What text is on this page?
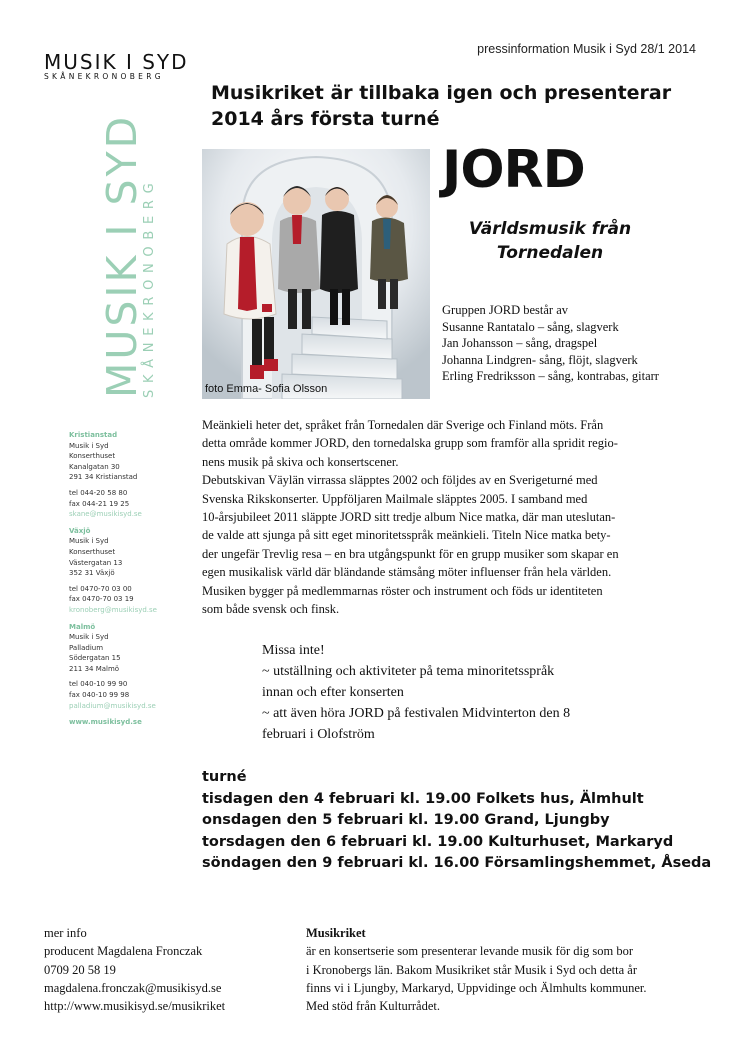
MUSIK I SYD
SKÅNEKRONOBERG
pressinformation Musik i Syd 28/1 2014
Musikriket är tillbaka igen och presenterar
2014 års första turné
MUSIK I SYD
SKÅNEKRONOBERG
Kristianstad
Musik i Syd
Konserthuset
Kanalgatan 30
291 34 Kristianstad
tel 044-20 58 80
fax 044-21 19 25
skane@musikisyd.se
Växjö
Musik i Syd
Konserthuset
Västergatan 13
352 31 Växjö
tel 0470-70 03 00
fax 0470-70 03 19
kronoberg@musikisyd.se
Malmö
Musik i Syd
Palladium
Södergatan 15
211 34 Malmö
tel 040-10 99 90
fax 040-10 99 98
palladium@musikisyd.se
www.musikisyd.se
foto Emma- Sofia Olsson
JORD
Världsmusik från
Tornedalen
Gruppen JORD består av
Susanne Rantatalo – sång, slagverk
Jan Johansson – sång, dragspel
Johanna Lindgren- sång, flöjt, slagverk
Erling Fredriksson – sång, kontrabas, gitarr

Meänkieli heter det, språket från Tornedalen där Sverige och Finland möts. Från

detta område kommer JORD, den tornedalska grupp som framför alla spridit regio-

nens musik på skiva och konsertscener.

Debutskivan Väylän virrassa släpptes 2002 och följdes av en Sverigeturné med

Svenska Rikskonserter. Uppföljaren Mailmale släpptes 2005. I samband med

10-årsjubileet 2011 släppte JORD sitt tredje album Nice matka, där man uteslutan-

de valde att sjunga på sitt eget minoritetsspråk meänkieli. Titeln Nice matka bety-

der ungefär Trevlig resa – en bra utgångspunkt för en grupp musiker som skapar en

egen musikalisk värld där bländande stämsång möter influenser från hela världen.

Musiken bygger på medlemmarnas röster och instrument och föds ur identiteten

som både svensk och finsk.

Missa inte!
~ utställning och aktiviteter på tema minoritetsspråk
innan och efter konserten
~ att även höra JORD på festivalen Midvinterton den 8
februari i Olofström
turné
tisdagen den 4 februari kl. 19.00 Folkets hus, Älmhult
onsdagen den 5 februari kl. 19.00 Grand, Ljungby
torsdagen den 6 februari kl. 19.00 Kulturhuset, Markaryd
söndagen den 9 februari kl. 16.00 Församlingshemmet, Åseda
mer info
producent Magdalena Fronczak
0709 20 58 19
magdalena.fronczak@musikisyd.se
http://www.musikisyd.se/musikriket
Musikriket
är en konsertserie som presenterar levande musik för dig som bor
i Kronobergs län. Bakom Musikriket står Musik i Syd och detta år
finns vi i Ljungby, Markaryd, Uppvidinge och Älmhults kommuner.
Med stöd från Kulturrådet.
